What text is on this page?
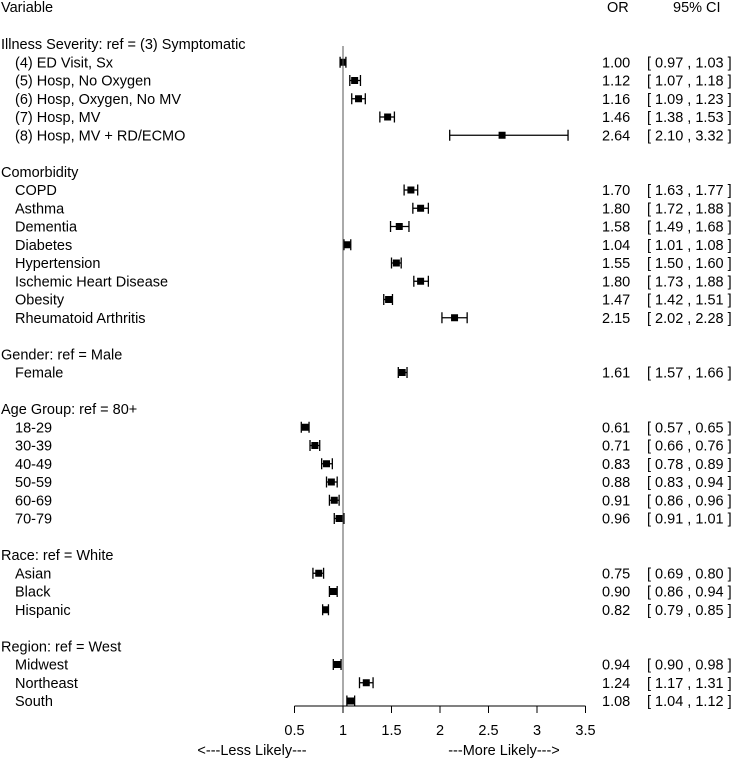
Variable	OR	95% CI
Illness Severity: ref = (3) Symptomatic
(4) ED Visit, Sx	1.00 [ 0.97 , 1.03 ]
(5) Hosp, No Oxygen	1.12 [ 1.07 , 1.18 ]
(6) Hosp, Oxygen, No MV	1.16 [ 1.09 , 1.23 ]
(7) Hosp, MV	1.46 [ 1.38 , 1.53 ]
(8) Hosp, MV + RD/ECMO	2.64 [ 2.10 , 3.32 ]
Comorbidity
COPD	1.70 [ 1.63 , 1.77 ]
Asthma	1.80 [ 1.72 , 1.88 ]
Dementia	1.58 [ 1.49 , 1.68 ]
Diabetes	1.04 [ 1.01 , 1.08 ]
Hypertension	1.55 [ 1.50 , 1.60 ]
Ischemic Heart Disease	1.80 [ 1.73 , 1.88 ]
Obesity	1.47 [ 1.42 , 1.51 ]
Rheumatoid Arthritis	2.15 [ 2.02 , 2.28 ]
Gender: ref = Male
Female	1.61 [ 1.57 , 1.66 ]
Age Group: ref = 80+
18-29	0.61 [ 0.57 , 0.65 ]
30-39	0.71 [ 0.66 , 0.76 ]
40-49	0.83 [ 0.78 , 0.89 ]
50-59	0.88 [ 0.83 , 0.94 ]
60-69	0.91 [ 0.86 , 0.96 ]
70-79	0.96 [ 0.91 , 1.01 ]
Race: ref = White
Asian	0.75 [ 0.69 , 0.80 ]
Black	0.90 [ 0.86 , 0.94 ]
Hispanic	0.82 [ 0.79 , 0.85 ]
Region: ref = West
Midwest	0.94 [ 0.90 , 0.98 ]
Northeast	1.24 [ 1.17 , 1.31 ]
South	1.08 [ 1.04 , 1.12 ]
0.5 1 1.5 2 2.5 3 3.5
<---Less Likely---	---More Likely--->
